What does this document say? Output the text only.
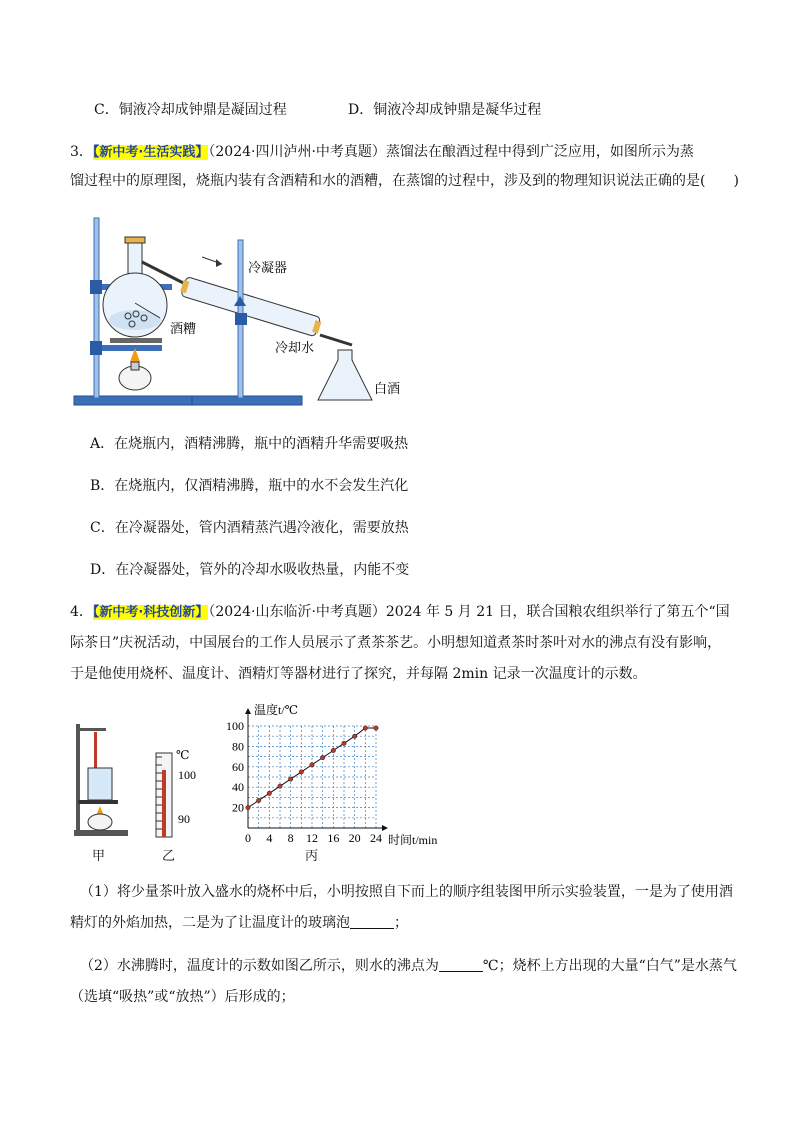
C．铜液冷却成钟鼎是凝固过程	D．铜液冷却成钟鼎是凝华过程
3．【新中考·生活实践】（2024·四川泸州·中考真题）蒸馏法在酿酒过程中得到广泛应用，如图所示为蒸
馏过程中的原理图，烧瓶内装有含酒精和水的酒糟，在蒸馏的过程中，涉及到的物理知识说法正确的是(　　)
酒糟
冷凝器
冷却水
白酒
A．在烧瓶内，酒精沸腾，瓶中的酒精升华需要吸热
B．在烧瓶内，仅酒精沸腾，瓶中的水不会发生汽化
C．在冷凝器处，管内酒精蒸汽遇冷液化，需要放热
D．在冷凝器处，管外的冷却水吸收热量，内能不变
4．【新中考·科技创新】（2024·山东临沂·中考真题）2024 年 5 月 21 日，联合国粮农组织举行了第五个“国
际茶日”庆祝活动，中国展台的工作人员展示了煮茶茶艺。小明想知道煮茶时茶叶对水的沸点有没有影响，
于是他使用烧杯、温度计、酒精灯等器材进行了探究，并每隔 2min 记录一次温度计的示数。
甲
℃
100
90
乙
0 4 8 12 16 20 24
20
40
60
80
100
温度t/℃
时间t/min
丙
（1）将少量茶叶放入盛水的烧杯中后，小明按照自下而上的顺序组装图甲所示实验装置，一是为了使用酒
精灯的外焰加热，二是为了让温度计的玻璃泡	；
（2）水沸腾时，温度计的示数如图乙所示，则水的沸点为	℃；烧杯上方出现的大量“白气”是水蒸气
（选填“吸热”或“放热”）后形成的；
